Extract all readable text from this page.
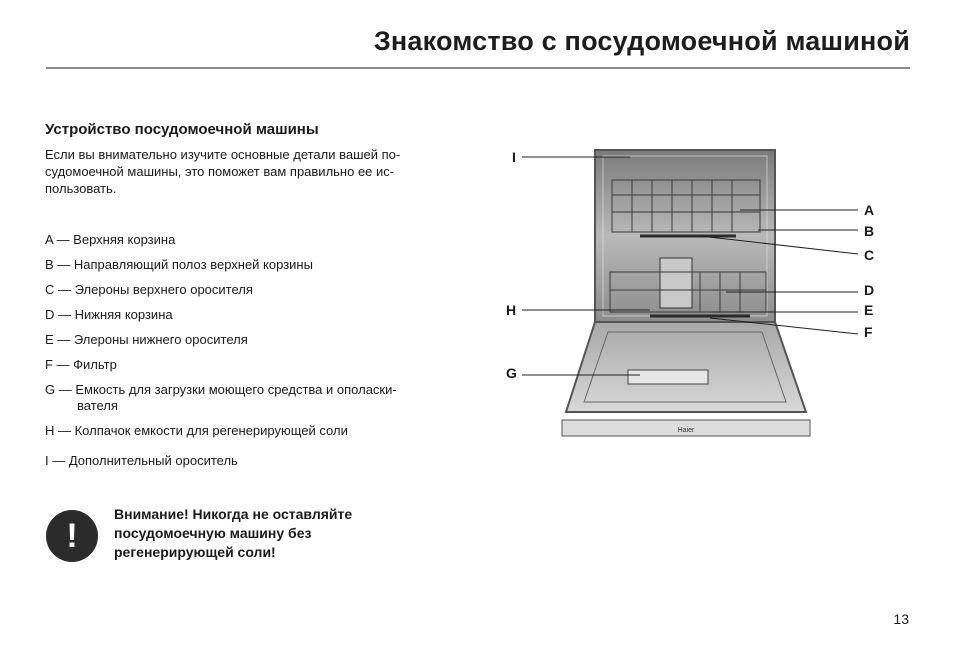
Знакомство с посудомоечной машиной
Устройство посудомоечной машины

Если вы внимательно изучите основные детали вашей по-
судомоечной машины, это поможет вам правильно ее ис-
пользовать.

A — Верхняя корзина
B — Направляющий полоз верхней корзины
C — Элероны верхнего оросителя
D — Нижняя корзина
E — Элероны нижнего оросителя
F — Фильтр
G — Емкость для загрузки моющего средства и ополаски-
вателя
H — Колпачок емкости для регенерирующей соли
I — Дополнительный ороситель
!

Внимание! Никогда не оставляйте
посудомоечную машину без
регенерирующей соли!

13
Haier
I
A
B
C
D
E
F
H
G
